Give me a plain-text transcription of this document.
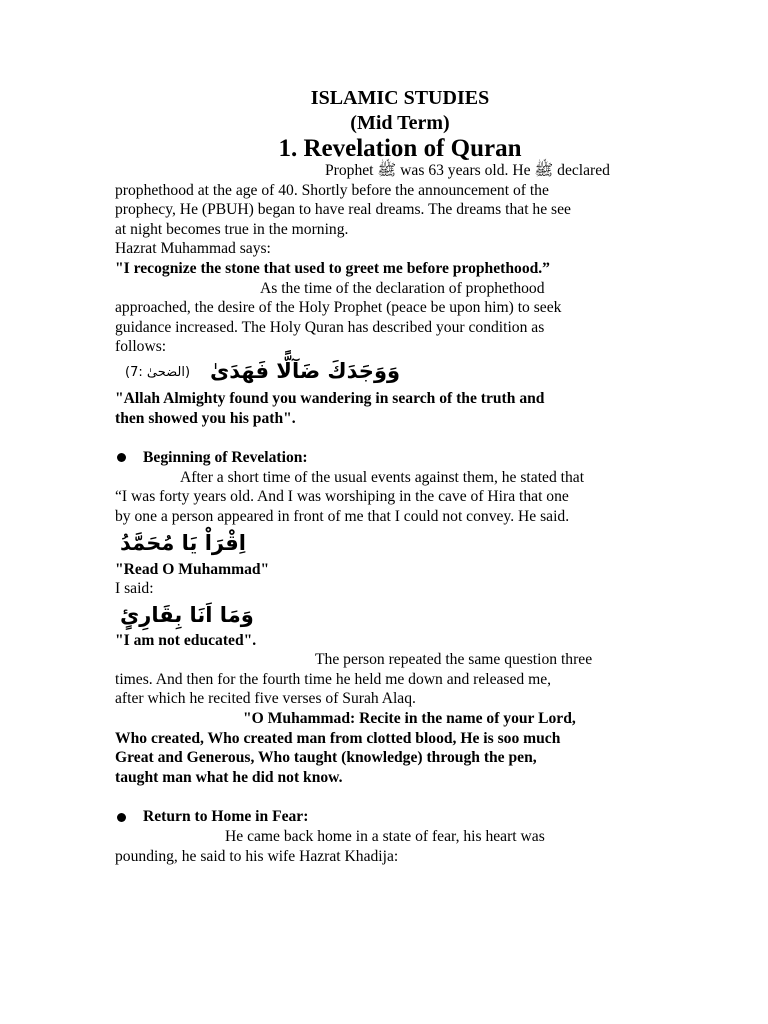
ISLAMIC STUDIES
(Mid Term)
1. Revelation of Quran

Prophet ﷺ was 63 years old. He ﷺ declared

prophethood at the age of 40. Shortly before the announcement of the

prophecy, He (PBUH) began to have real dreams. The dreams that he see

at night becomes true in the morning.

Hazrat Muhammad says:

"I recognize the stone that used to greet me before prophethood.”

As the time of the declaration of prophethood

approached, the desire of the Holy Prophet (peace be upon him) to seek

guidance increased. The Holy Quran has described your condition as

follows:

(الضحیٰ :7) وَوَجَدَكَ ضَآلًّا فَهَدَىٰ

"Allah Almighty found you wandering in search of the truth and

then showed you his path".

Beginning of Revelation:

After a short time of the usual events against them, he stated that

“I was forty years old. And I was worshiping in the cave of Hira that one

by one a person appeared in front of me that I could not convey. He said.

اِقْرَاْ يَا مُحَمَّدُ

"Read O Muhammad"

I said:

وَمَا اَنَا بِقَارِئٍ

"I am not educated".

The person repeated the same question three

times. And then for the fourth time he held me down and released me,

after which he recited five verses of Surah Alaq.

"O Muhammad: Recite in the name of your Lord,

Who created, Who created man from clotted blood, He is soo much

Great and Generous, Who taught (knowledge) through the pen,

taught man what he did not know.

Return to Home in Fear:

He came back home in a state of fear, his heart was

pounding, he said to his wife Hazrat Khadija:
